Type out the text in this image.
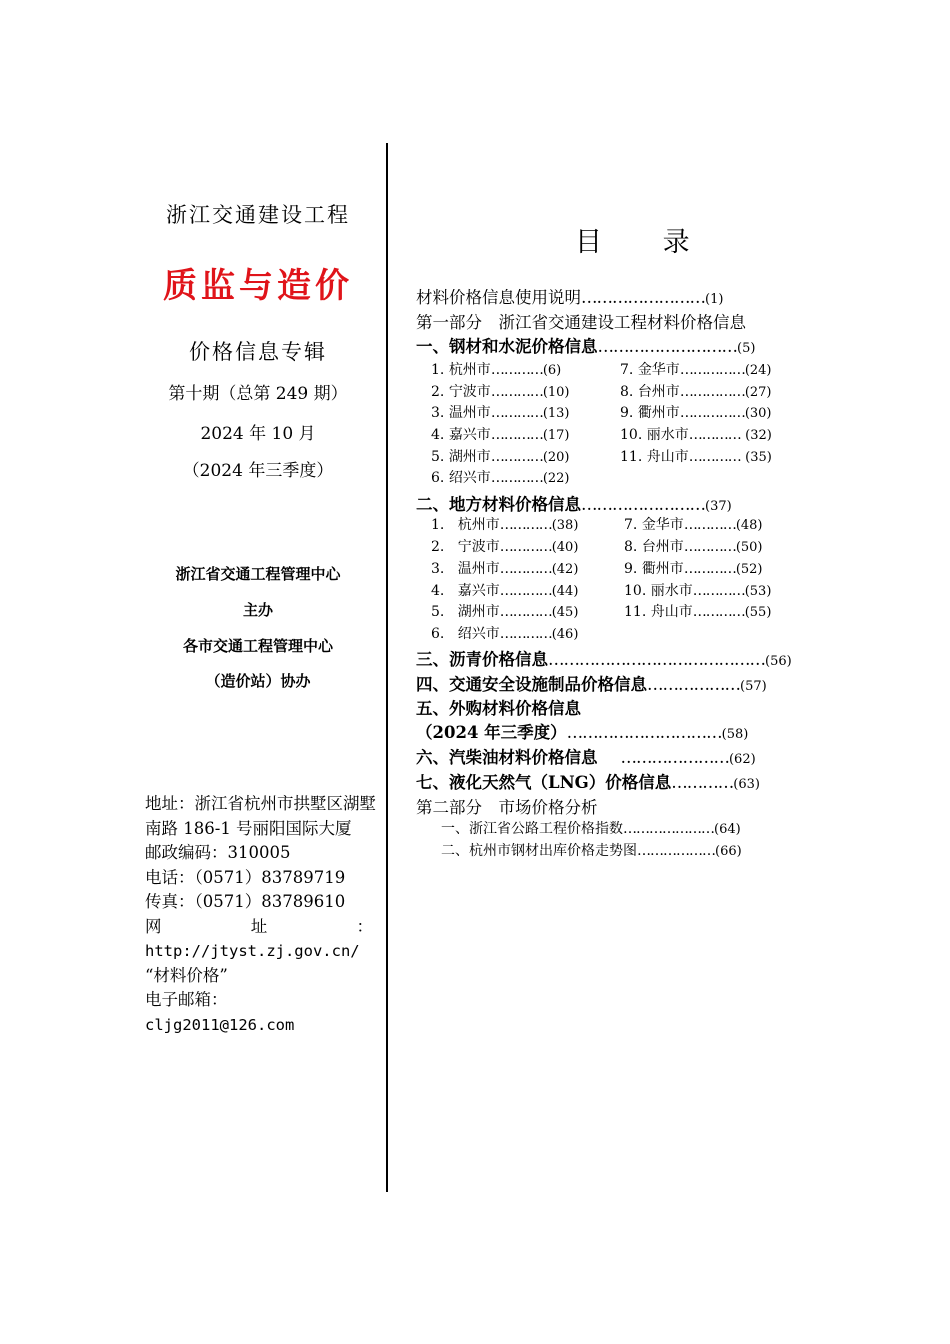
浙江交通建设工程
质监与造价
价格信息专辑
第十期（总第 249 期）
2024 年 10 月
（2024 年三季度）
浙江省交通工程管理中心
主办
各市交通工程管理中心
（造价站）协办
地址：浙江省杭州市拱墅区湖墅南路 186-1 号丽阳国际大厦
邮政编码：310005
电话：（0571）83789719
传真：（0571）83789610
网	址	：
http://jtyst.zj.gov.cn/
“材料价格”
电子邮箱：
cljg2011@126.com
目 录
材料价格信息使用说明……………………(1)
第一部分　浙江省交通建设工程材料价格信息
一、钢材和水泥价格信息………………………(5)
1. 杭州市…………(6)
2. 宁波市…………(10)
3. 温州市…………(13)
4. 嘉兴市…………(17)
5. 湖州市…………(20)
6. 绍兴市…………(22)
7. 金华市……………(24)
8. 台州市……………(27)
9. 衢州市……………(30)
10. 丽水市………… (32)
11. 舟山市………… (35)
二、地方材料价格信息……………………(37)
1. 杭州市…………(38)
2. 宁波市…………(40)
3. 温州市…………(42)
4. 嘉兴市…………(44)
5. 湖州市…………(45)
6. 绍兴市…………(46)
7. 金华市…………(48)
8. 台州市…………(50)
9. 衢州市…………(52)
10. 丽水市…………(53)
11. 舟山市…………(55)
三、沥青价格信息……………………………………(56)
四、交通安全设施制品价格信息………………(57)
五、外购材料价格信息
（2024 年三季度）…………………………(58)
六、汽柴油材料价格信息 …………………(62)
七、液化天然气（LNG）价格信息…………(63)
第二部分　市场价格分析
一、浙江省公路工程价格指数…………………(64)
二、杭州市钢材出库价格走势图………………(66)
